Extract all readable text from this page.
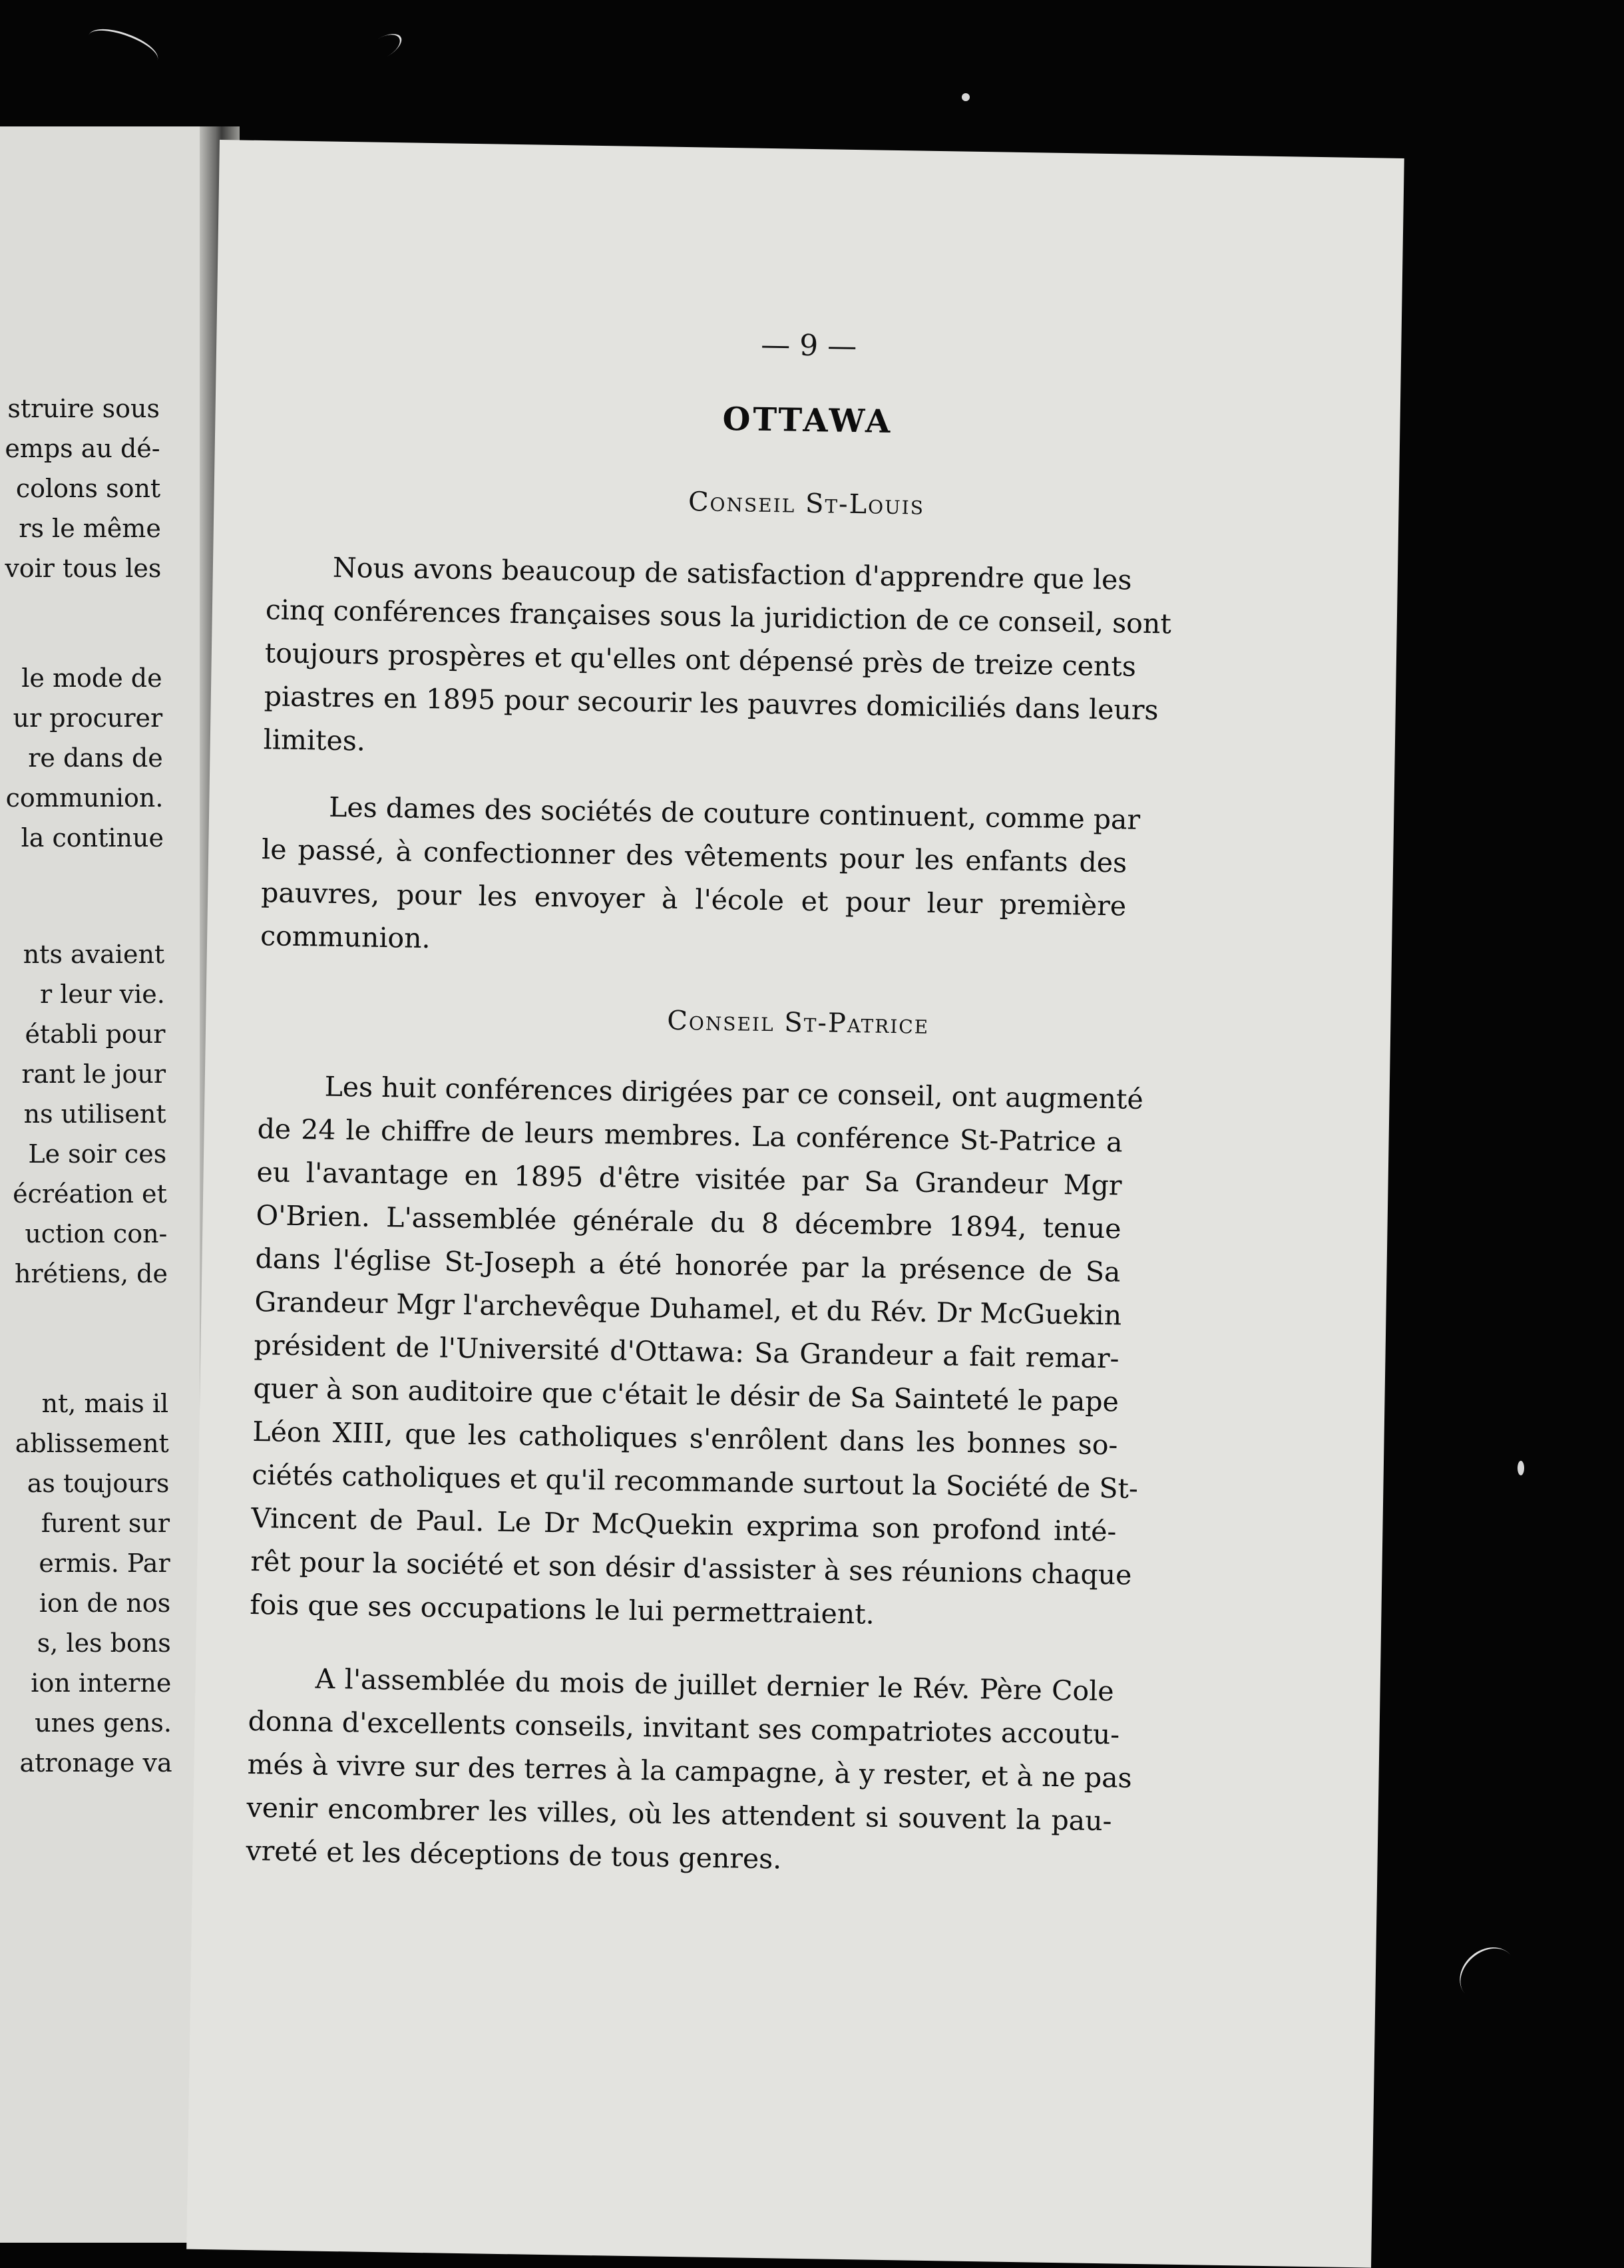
struire sous
emps au dé-
colons sont
rs le même
voir tous les
le mode de
ur procurer
re dans de
communion.
la continue
nts avaient
r leur vie.
établi pour
rant le jour
ns utilisent
Le soir ces
écréation et
uction con-
hrétiens, de
nt, mais il
ablissement
as toujours
furent sur
ermis. Par
ion de nos
s, les bons
ion interne
unes gens.
atronage va
— 9 —
OTTAWA
Conseil St-Louis
Nous avons beaucoup de satisfaction d'apprendre que les
cinq conférences françaises sous la juridiction de ce conseil, sont
toujours prospères et qu'elles ont dépensé près de treize cents
piastres en 1895 pour secourir les pauvres domiciliés dans leurs
limites.
Les dames des sociétés de couture continuent, comme par
le passé, à confectionner des vêtements pour les enfants des
pauvres, pour les envoyer à l'école et pour leur première
communion.
Conseil St-Patrice
Les huit conférences dirigées par ce conseil, ont augmenté
de 24 le chiffre de leurs membres. La conférence St-Patrice a
eu l'avantage en 1895 d'être visitée par Sa Grandeur Mgr
O'Brien. L'assemblée générale du 8 décembre 1894, tenue
dans l'église St-Joseph a été honorée par la présence de Sa
Grandeur Mgr l'archevêque Duhamel, et du Rév. Dr McGuekin
président de l'Université d'Ottawa: Sa Grandeur a fait remar-
quer à son auditoire que c'était le désir de Sa Sainteté le pape
Léon XIII, que les catholiques s'enrôlent dans les bonnes so-
ciétés catholiques et qu'il recommande surtout la Société de St-
Vincent de Paul. Le Dr McQuekin exprima son profond inté-
rêt pour la société et son désir d'assister à ses réunions chaque
fois que ses occupations le lui permettraient.
A l'assemblée du mois de juillet dernier le Rév. Père Cole
donna d'excellents conseils, invitant ses compatriotes accoutu-
més à vivre sur des terres à la campagne, à y rester, et à ne pas
venir encombrer les villes, où les attendent si souvent la pau-
vreté et les déceptions de tous genres.
